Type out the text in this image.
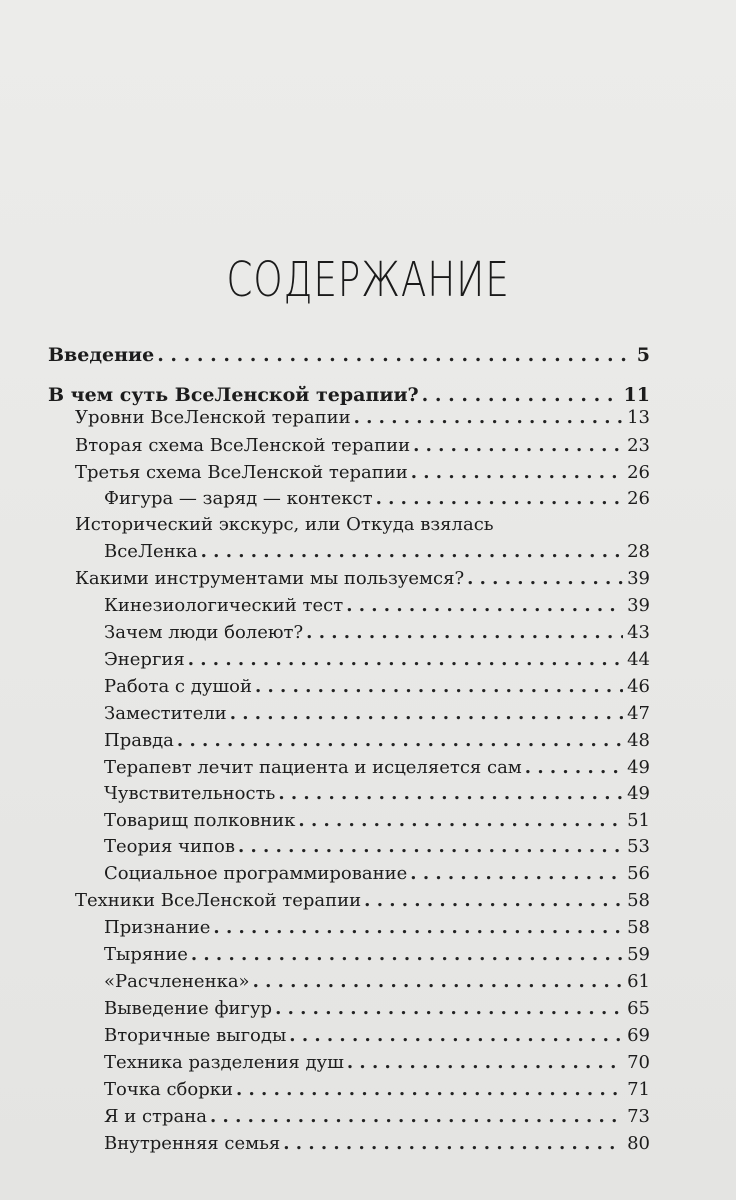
СОДЕРЖАНИЕ
Введение . . .	5
В чем суть ВсеЛенской терапии? . . .	11
Уровни ВсеЛенской терапии . . .	13
Вторая схема ВсеЛенской терапии . . .	23
Третья схема ВсеЛенской терапии . . .	26
Фигура — заряд — контекст . . .	26
Исторический экскурс, или Откуда взялась
ВсеЛенка . . .	28
Какими инструментами мы пользуемся? . . .	39
Кинезиологический тест . . .	39
Зачем люди болеют? . . .	43
Энергия . . .	44
Работа с душой . . .	46
Заместители . . .	47
Правда . . .	48
Терапевт лечит пациента и исцеляется сам . . .	49
Чувствительность . . .	49
Товарищ полковник . . .	51
Теория чипов . . .	53
Социальное программирование . . .	56
Техники ВсеЛенской терапии . . .	58
Признание . . .	58
Тыряние . . .	59
«Расчлененка» . . .	61
Выведение фигур . . .	65
Вторичные выгоды . . .	69
Техника разделения душ . . .	70
Точка сборки . . .	71
Я и страна . . .	73
Внутренняя семья . . .	80
